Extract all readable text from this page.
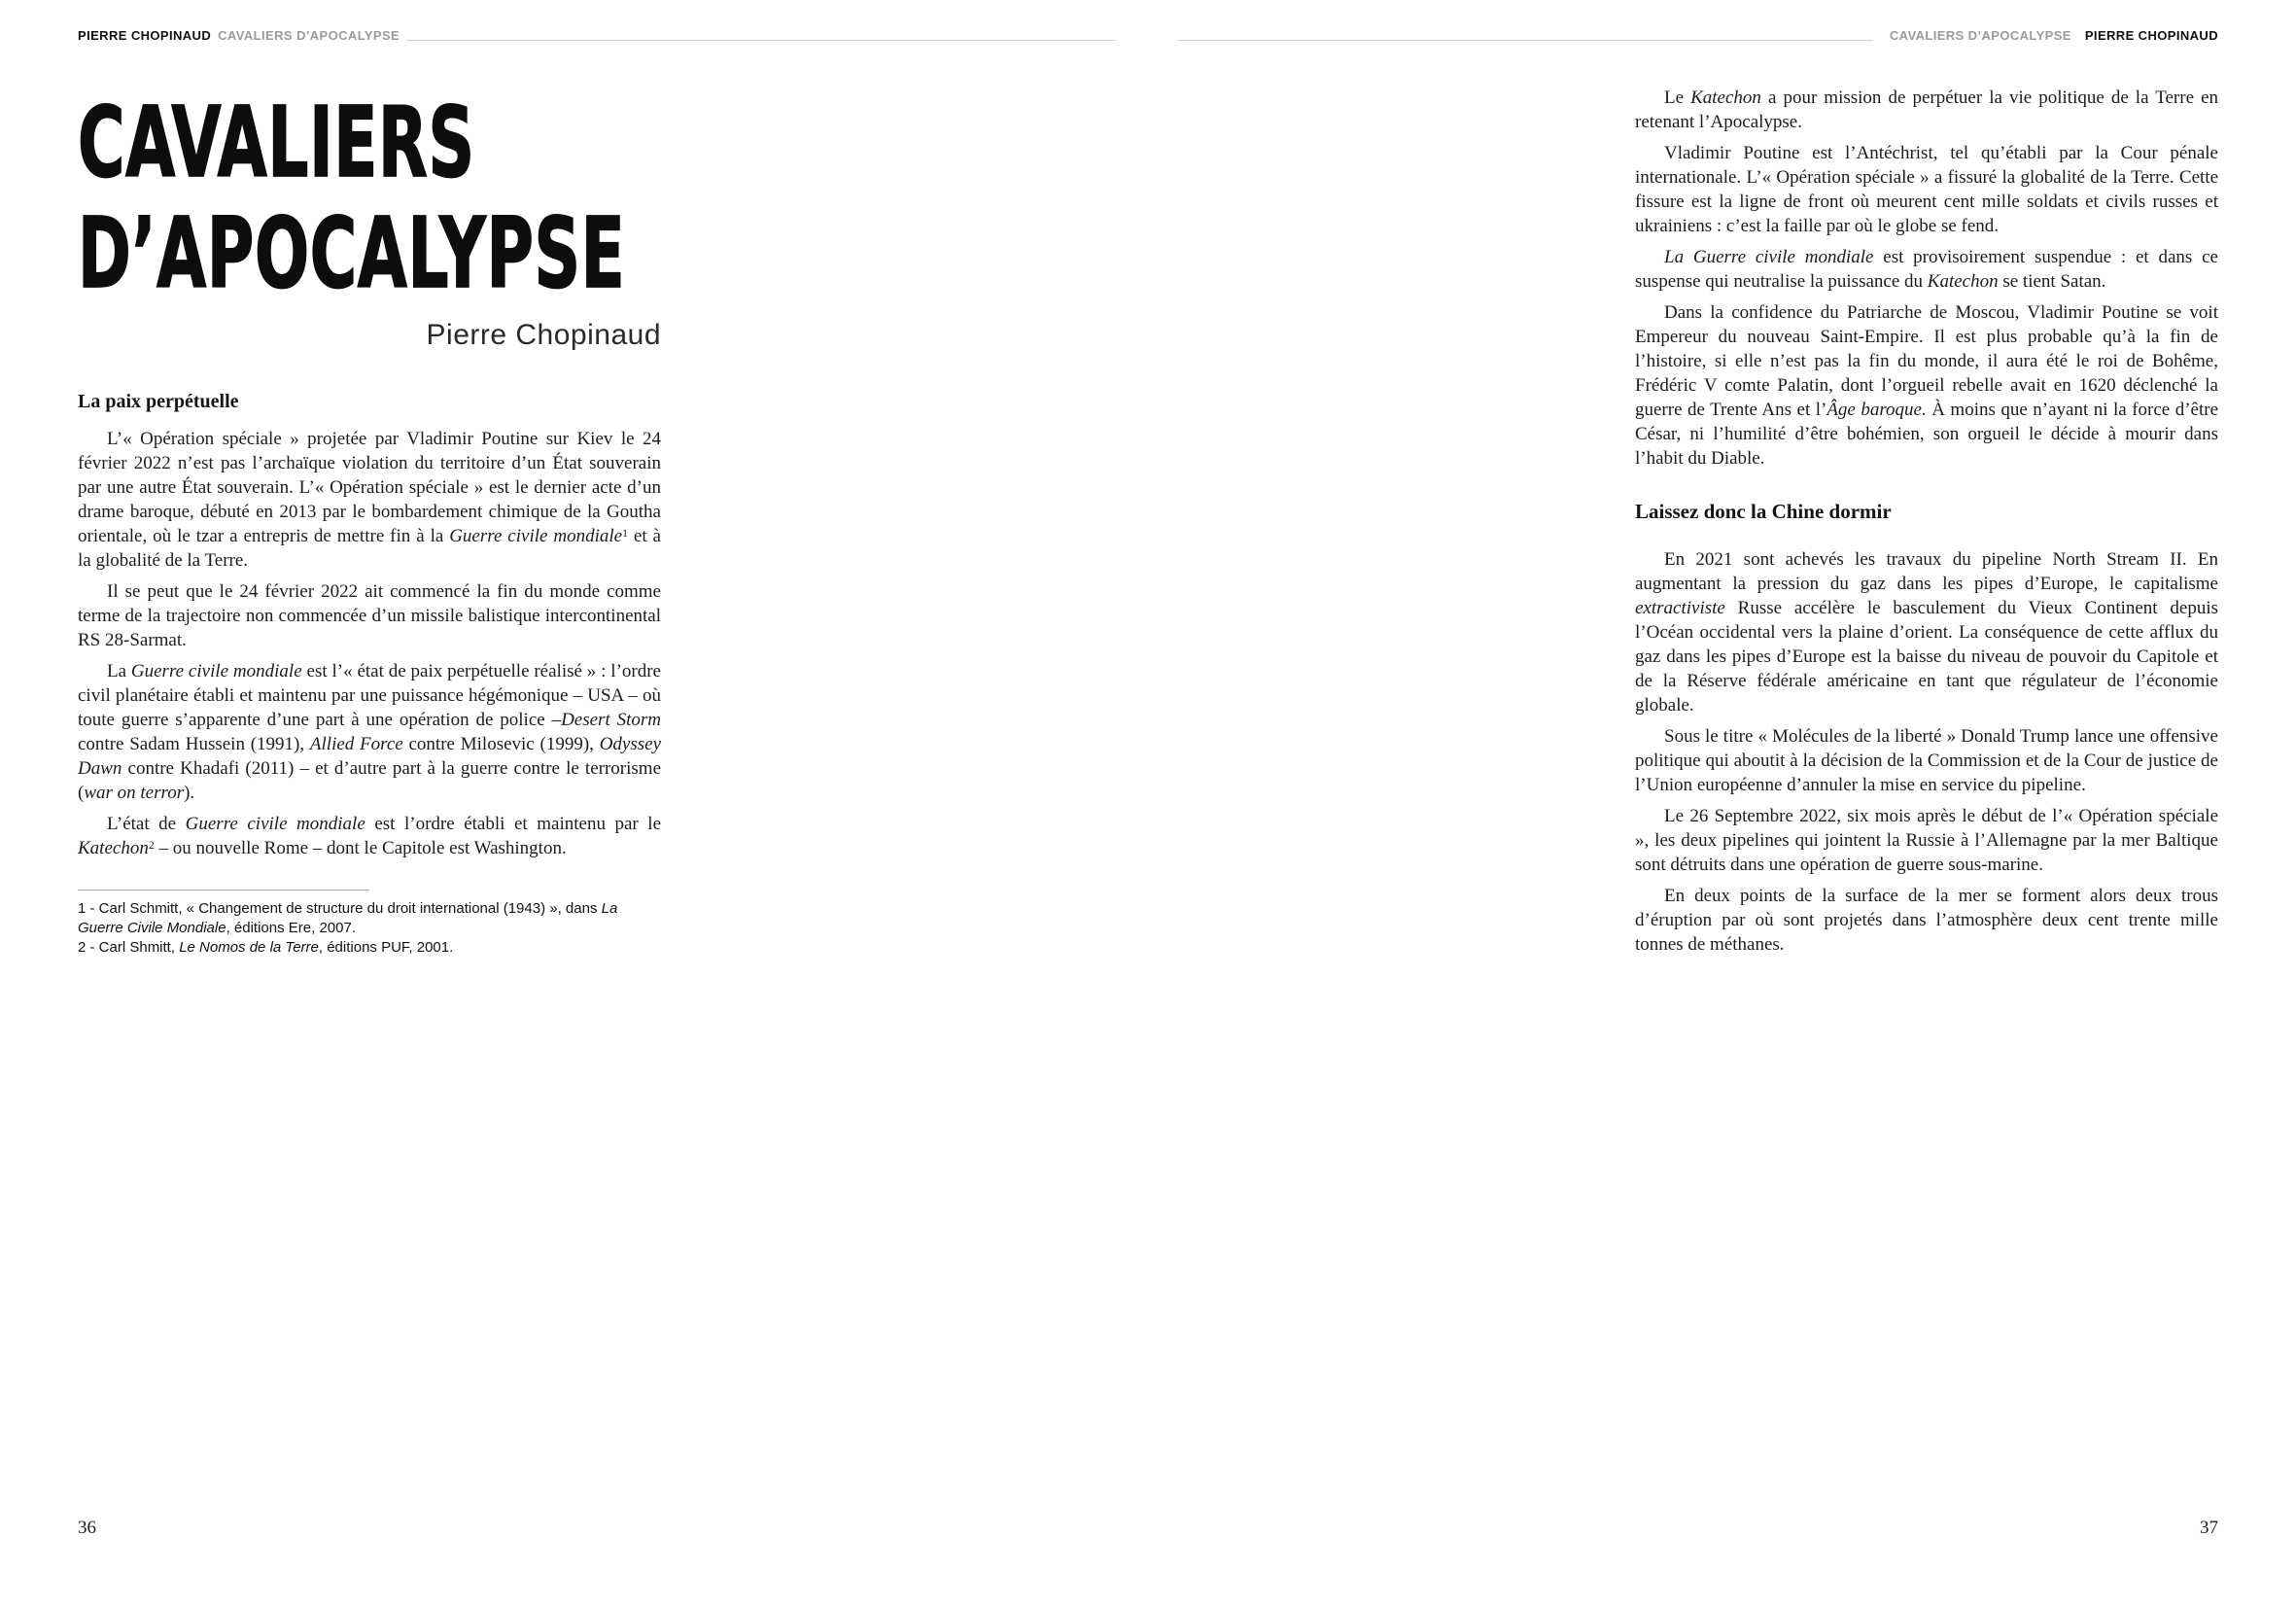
PIERRE CHOPINAUD CAVALIERS D’APOCALYPSE
CAVALIERS
D’APOCALYPSE
Pierre Chopinaud
La paix perpétuelle

L’« Opération spéciale » projetée par Vladimir Poutine sur Kiev le 24 février 2022 n’est pas l’archaïque violation du territoire d’un État souverain par une autre État souverain. L’« Opération spéciale » est le dernier acte d’un drame baroque, débuté en 2013 par le bombardement chimique de la Goutha orientale, où le tzar a entrepris de mettre fin à la Guerre civile mondiale$^1$ et à la globalité de la Terre.

Il se peut que le 24 février 2022 ait commencé la fin du monde comme terme de la trajectoire non commencée d’un missile balistique intercontinental RS 28-Sarmat.

La Guerre civile mondiale est l’« état de paix perpétuelle réalisé » : l’ordre civil planétaire établi et maintenu par une puissance hégémonique – USA – où toute guerre s’apparente d’une part à une opération de police –Desert Storm contre Sadam Hussein (1991), Allied Force contre Milosevic (1999), Odyssey Dawn contre Khadafi (2011) – et d’autre part à la guerre contre le terrorisme (war on terror).

L’état de Guerre civile mondiale est l’ordre établi et maintenu par le Katechon$^2$ – ou nouvelle Rome – dont le Capitole est Washington.

1 - Carl Schmitt, « Changement de structure du droit international (1943) », dans La Guerre Civile Mondiale, éditions Ere, 2007.
2 - Carl Shmitt, Le Nomos de la Terre, éditions PUF, 2001.
36
CAVALIERS D’APOCALYPSE PIERRE CHOPINAUD

Le Katechon a pour mission de perpétuer la vie politique de la Terre en retenant l’Apocalypse.

Vladimir Poutine est l’Antéchrist, tel qu’établi par la Cour pénale internationale. L’« Opération spéciale » a fissuré la globalité de la Terre. Cette fissure est la ligne de front où meurent cent mille soldats et civils russes et ukrainiens : c’est la faille par où le globe se fend.

La Guerre civile mondiale est provisoirement suspendue : et dans ce suspense qui neutralise la puissance du Katechon se tient Satan.

Dans la confidence du Patriarche de Moscou, Vladimir Poutine se voit Empereur du nouveau Saint-Empire. Il est plus probable qu’à la fin de l’histoire, si elle n’est pas la fin du monde, il aura été le roi de Bohême, Frédéric V comte Palatin, dont l’orgueil rebelle avait en 1620 déclenché la guerre de Trente Ans et l’Âge baroque. À moins que n’ayant ni la force d’être César, ni l’humilité d’être bohémien, son orgueil le décide à mourir dans l’habit du Diable.

Laissez donc la Chine dormir

En 2021 sont achevés les travaux du pipeline North Stream II. En augmentant la pression du gaz dans les pipes d’Europe, le capitalisme extractiviste Russe accélère le basculement du Vieux Continent depuis l’Océan occidental vers la plaine d’orient. La conséquence de cette afflux du gaz dans les pipes d’Europe est la baisse du niveau de pouvoir du Capitole et de la Réserve fédérale américaine en tant que régulateur de l’économie globale.

Sous le titre « Molécules de la liberté » Donald Trump lance une offensive politique qui aboutit à la décision de la Commission et de la Cour de justice de l’Union européenne d’annuler la mise en service du pipeline.

Le 26 Septembre 2022, six mois après le début de l’« Opération spéciale », les deux pipelines qui jointent la Russie à l’Allemagne par la mer Baltique sont détruits dans une opération de guerre sous-marine.

En deux points de la surface de la mer se forment alors deux trous d’éruption par où sont projetés dans l’atmosphère deux cent trente mille tonnes de méthanes.

37
